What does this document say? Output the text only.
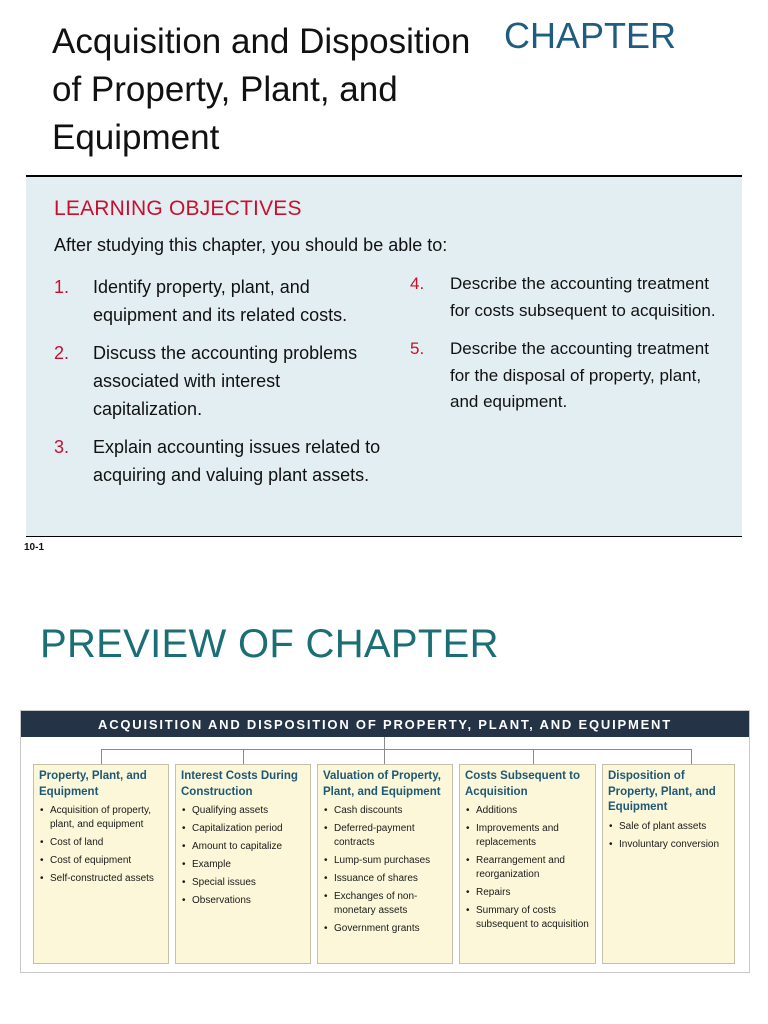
Acquisition and Disposition of Property, Plant, and Equipment
CHAPTER
LEARNING OBJECTIVES
After studying this chapter, you should be able to:
1.	Identify property, plant, and equipment and its related costs.
2.	Discuss the accounting problems associated with interest capitalization.
3.	Explain accounting issues related to acquiring and valuing plant assets.
4.	Describe the accounting treatment for costs subsequent to acquisition.
5.	Describe the accounting treatment for the disposal of property, plant, and equipment.
10-1
PREVIEW OF CHAPTER
ACQUISITION AND DISPOSITION OF PROPERTY, PLANT, AND EQUIPMENT
Property, Plant, and Equipment
• Acquisition of property, plant, and equipment
• Cost of land
• Cost of equipment
• Self-constructed assets
Interest Costs During Construction
• Qualifying assets
• Capitalization period
• Amount to capitalize
• Example
• Special issues
• Observations
Valuation of Property, Plant, and Equipment
• Cash discounts
• Deferred-payment contracts
• Lump-sum purchases
• Issuance of shares
• Exchanges of non-monetary assets
• Government grants
Costs Subsequent to Acquisition
• Additions
• Improvements and replacements
• Rearrangement and reorganization
• Repairs
• Summary of costs subsequent to acquisition
Disposition of Property, Plant, and Equipment
• Sale of plant assets
• Involuntary conversion
